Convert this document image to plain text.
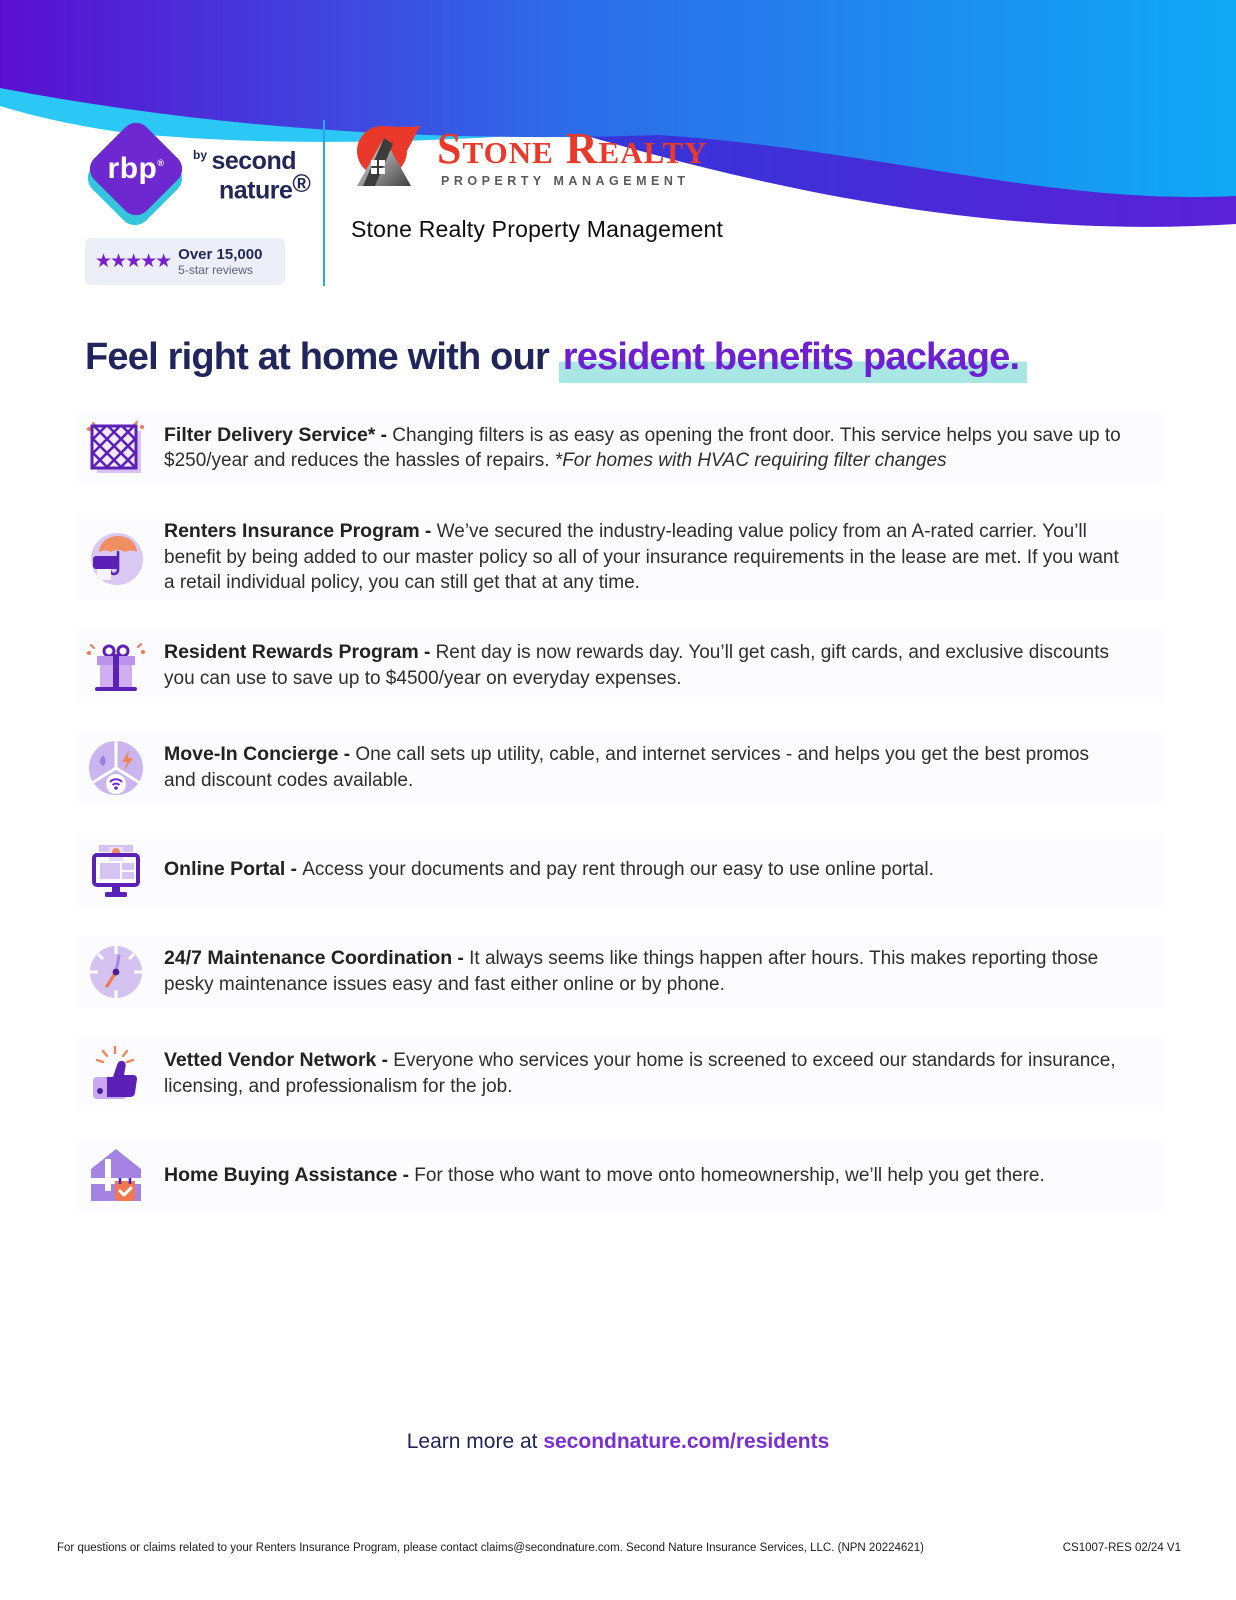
rbp®
$^{by}$ second
nature®
★★★★★ Over 15,000
5-star reviews
Stone Realty
PROPERTY MANAGEMENT
Stone Realty Property Management
Feel right at home with our resident benefits package.
Filter Delivery Service* - Changing filters is as easy as opening the front door. This service helps you save up to $250/year and reduces the hassles of repairs. *For homes with HVAC requiring filter changes
Renters Insurance Program - We’ve secured the industry-leading value policy from an A-rated carrier. You’ll benefit by being added to our master policy so all of your insurance requirements in the lease are met. If you want a retail individual policy, you can still get that at any time.
Resident Rewards Program - Rent day is now rewards day. You’ll get cash, gift cards, and exclusive discounts you can use to save up to $4500/year on everyday expenses.
Move-In Concierge - One call sets up utility, cable, and internet services - and helps you get the best promos and discount codes available.
Online Portal - Access your documents and pay rent through our easy to use online portal.
24/7 Maintenance Coordination - It always seems like things happen after hours. This makes reporting those pesky maintenance issues easy and fast either online or by phone.
Vetted Vendor Network - Everyone who services your home is screened to exceed our standards for insurance, licensing, and professionalism for the job.
Home Buying Assistance - For those who want to move onto homeownership, we’ll help you get there.
Learn more at secondnature.com/residents
For questions or claims related to your Renters Insurance Program, please contact claims@secondnature.com. Second Nature Insurance Services, LLC. (NPN 20224621)	CS1007-RES 02/24 V1
